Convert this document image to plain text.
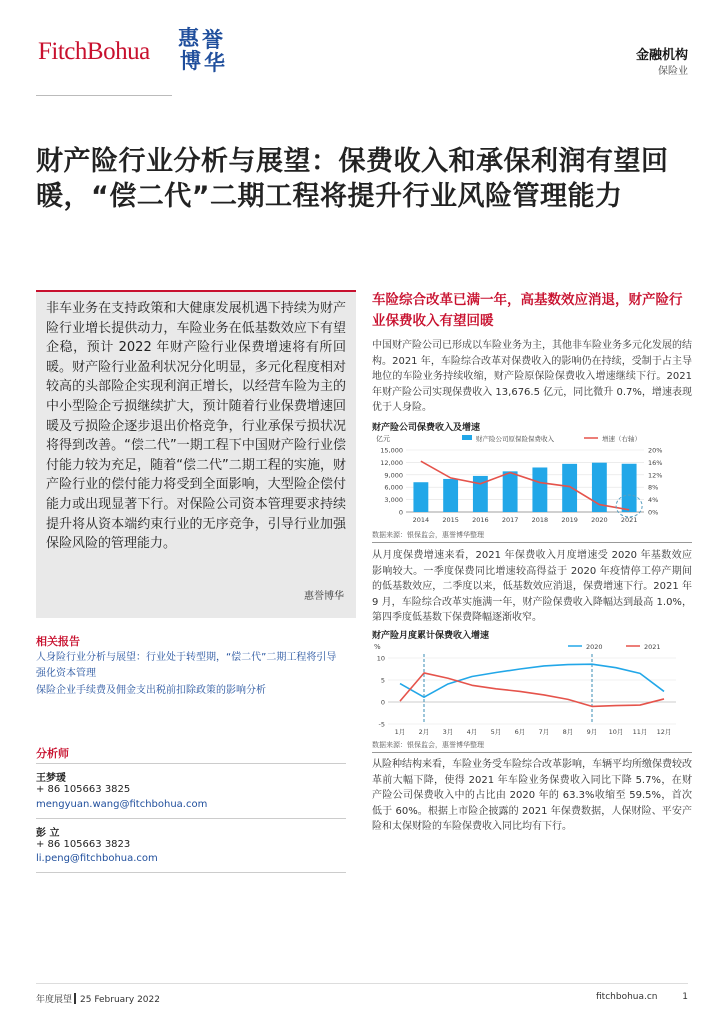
FitchBohua
惠 誉
博 华	金融机构
保险业
财产险行业分析与展望：保费收入和承保利润有望回暖，“偿二代”二期工程将提升行业风险管理能力
非车业务在支持政策和大健康发展机遇下持续为财产险行业增长提供动力，车险业务在低基数效应下有望企稳，预计 2022 年财产险行业保费增速将有所回暖。财产险行业盈利状况分化明显，多元化程度相对较高的头部险企实现利润正增长，以经营车险为主的中小型险企亏损继续扩大，预计随着行业保费增速回暖及亏损险企逐步退出价格竞争，行业承保亏损状况将得到改善。“偿二代”一期工程下中国财产险行业偿付能力较为充足，随着“偿二代”二期工程的实施，财产险行业的偿付能力将受到全面影响，大型险企偿付能力或出现显著下行。对保险公司资本管理要求持续提升将从资本端约束行业的无序竞争，引导行业加强保险风险的管理能力。
惠誉博华
车险综合改革已满一年，高基数效应消退，财产险行业保费收入有望回暖
中国财产险公司已形成以车险业务为主，其他非车险业务多元化发展的结构。2021 年，车险综合改革对保费收入的影响仍在持续，受制于占主导地位的车险业务持续收缩，财产险原保险保费收入增速继续下行。2021 年财产险公司实现保费收入 13,676.5 亿元，同比微升 0.7%，增速表现优于人身险。
财产险公司保费收入及增速
亿元	财产险公司原保险保费收入	增速（右轴）
0
3,000
6,000
9,000
12,000
15,000
0%
4%
8%
12%
16%
20%
2014 2015 2016 2017 2018 2019 2020 2021
数据来源：银保监会，惠誉博华整理
从月度保费增速来看，2021 年保费收入月度增速受 2020 年基数效应影响较大。一季度保费同比增速较高得益于 2020 年疫情停工停产期间的低基数效应，二季度以来，低基数效应消退，保费增速下行。2021 年 9 月，车险综合改革实施满一年，财产险保费收入降幅达到最高 1.0%，第四季度低基数下保费降幅逐渐收窄。
财产险月度累计保费收入增速
%	2020	2021
-5
0
5
10
1月 2月 3月 4月 5月 6月 7月 8月 9月 10月 11月 12月
数据来源：银保监会，惠誉博华整理
从险种结构来看，车险业务受车险综合改革影响，车辆平均所缴保费较改革前大幅下降，使得 2021 年车险业务保费收入同比下降 5.7%，在财产险公司保费收入中的占比由 2020 年的 63.3%收缩至 59.5%，首次低于 60%。根据上市险企披露的 2021 年保费数据，人保财险、平安产险和太保财险的车险保费收入同比均有下行。
相关报告
人身险行业分析与展望：行业处于转型期，“偿二代”二期工程将引导强化资本管理
保险企业手续费及佣金支出税前扣除政策的影响分析
分析师
王梦瑗
+ 86 105663 3825
mengyuan.wang@fitchbohua.com
彭 立
+ 86 105663 3823
li.peng@fitchbohua.com
年度展望 25 February 2022	fitchbohua.cn	1
